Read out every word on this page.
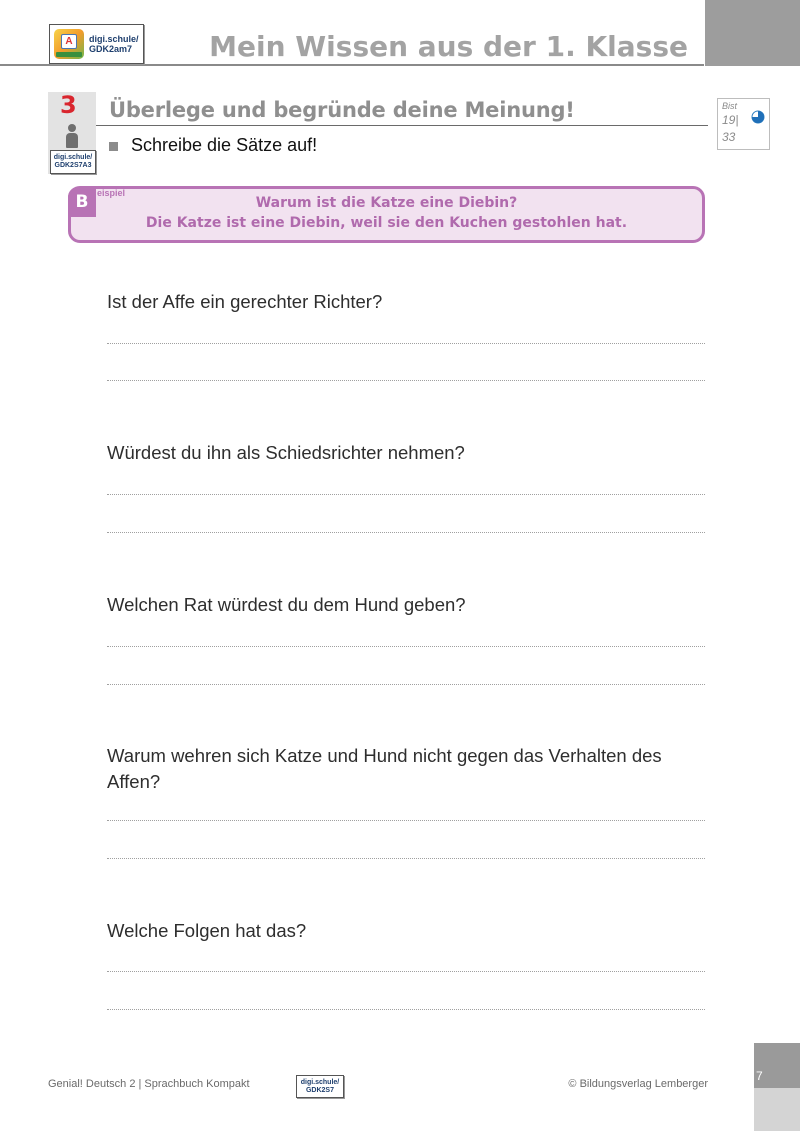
Mein Wissen aus der 1. Klasse
A	digi.schule/
GDK2am7
3
digi.schule/
GDK2S7A3
Überlege und begründe deine Meinung!
Schreibe die Sätze auf!
Bist
19|
33
B eispiel
Warum ist die Katze eine Diebin?
Die Katze ist eine Diebin, weil sie den Kuchen gestohlen hat.
Ist der Affe ein gerechter Richter?
Würdest du ihn als Schiedsrichter nehmen?
Welchen Rat würdest du dem Hund geben?
Warum wehren sich Katze und Hund nicht gegen das Verhalten des Affen?
Welche Folgen hat das?
Genial! Deutsch 2 | Sprachbuch Kompakt	digi.schule/
GDK2S7	© Bildungsverlag Lemberger
7
